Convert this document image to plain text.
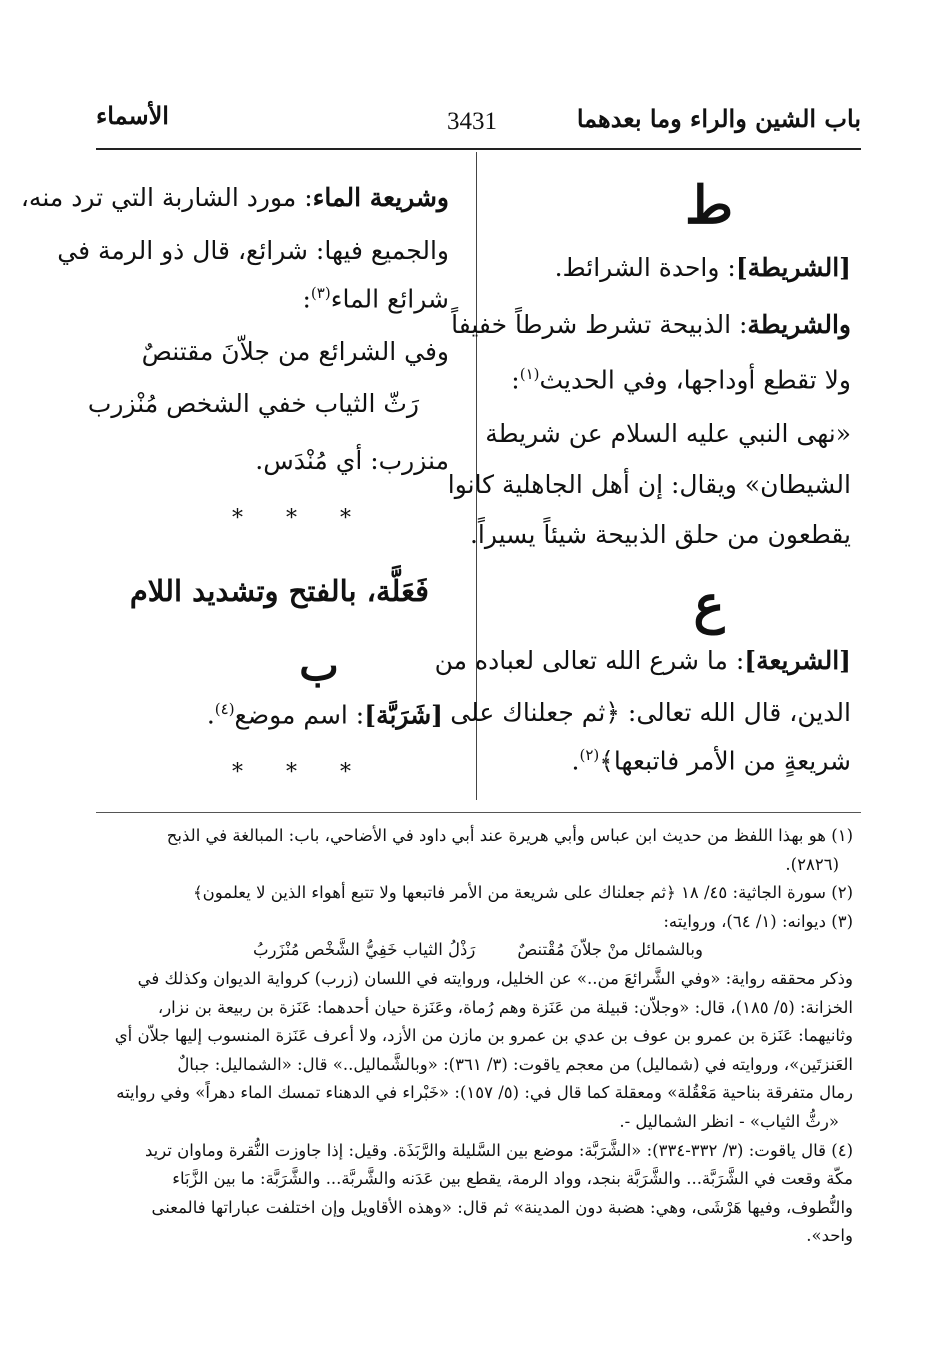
باب الشين والراء وما بعدهما
3431
الأسماء
ط
[الشريطة]: واحدة الشرائط.
والشريطة: الذبيحة تشرط شرطاً خفيفاً
ولا تقطع أوداجها، وفي الحديث$^{(١)}$:
«نهى النبي عليه السلام عن شريطة
الشيطان» ويقال: إن أهل الجاهلية كانوا
يقطعون من حلق الذبيحة شيئاً يسيراً.
ع
[الشريعة]: ما شرع الله تعالى لعباده من
الدين، قال الله تعالى: ﴿ثم جعلناك على
شريعةٍ من الأمر فاتبعها﴾$^{(٢)}$.
وشريعة الماء: مورد الشاربة التي ترد منه،
والجميع فيها: شرائع، قال ذو الرمة في
شرائع الماء$^{(٣)}$:
وفي الشرائع من جلاّنَ مقتنصٌ
رَثّ الثياب خفي الشخص مُنْزرب
منزرب: أي مُنْدَس.
* * *
فَعَلَّة، بالفتح وتشديد اللام
ب
[شَرَبَّة]: اسم موضع$^{(٤)}$.
* * *
(١) هو بهذا اللفظ من حديث ابن عباس وأبي هريرة عند أبي داود في الأضاحي، باب: المبالغة في الذبح
(٢٨٢٦).
(٢) سورة الجاثية: ٤٥/ ١٨ ﴿ثم جعلناك على شريعة من الأمر فاتبعها ولا تتبع أهواء الذين لا يعلمون﴾
(٣) ديوانه: (١/ ٦٤)، وروايته:
وبالشمائل منْ جلاّنَ مُقْتنصٌ
رَذْلُ الثياب خَفِيُّ الشَّخْص مُنْزَربُ
وذكر محققه رواية: «وفي الشَّرائعَ من..» عن الخليل، وروايته في اللسان (زرب) كرواية الديوان وكذلك في
الخزانة: (٥/ ١٨٥)، قال: «وجلاّن: قبيلة من عَنَزة وهم رُماة، وعَنَزة حيان أحدهما: عَنَزة بن ربيعة بن نزار،
وثانيهما: عَنَزة بن عمرو بن عوف بن عدي بن عمرو بن مازن من الأزد، ولا أعرف عَنَزة المنسوب إليها جلاّن أي
العَنزتَين»، وروايته في (شماليل) من معجم ياقوت: (٣/ ٣٦١): «وبالشَّماليل..» قال: «الشماليل: جبالٌ
رمال متفرقة بناحية مَعْقُلة» ومعقلة كما قال في: (٥/ ١٥٧): «خَبْراء في الدهناء تمسك الماء دهراً» وفي روايته
«رثُّ الثياب» - انظر الشماليل -.
(٤) قال ياقوت: (٣/ ٣٣٢-٣٣٤): «الشَّرَبَّة: موضع بين السَّليلة والرَّبَذَة. وقيل: إذا جاوزت النُّقرة وماوان تريد
مكّة وقعت في الشَّرَبَّة... والشَّرَبَّة بنجد، وواد الرمة، يقطع بين عَدَنه والشَّربَّة... والشَّرَبَّة: ما بين الزَّبَاء
والنُّطوف، وفيها هَرْشَى، وهي: هضبة دون المدينة» ثم قال: «وهذه الأقاويل وإن اختلفت عباراتها فالمعنى
واحد».
